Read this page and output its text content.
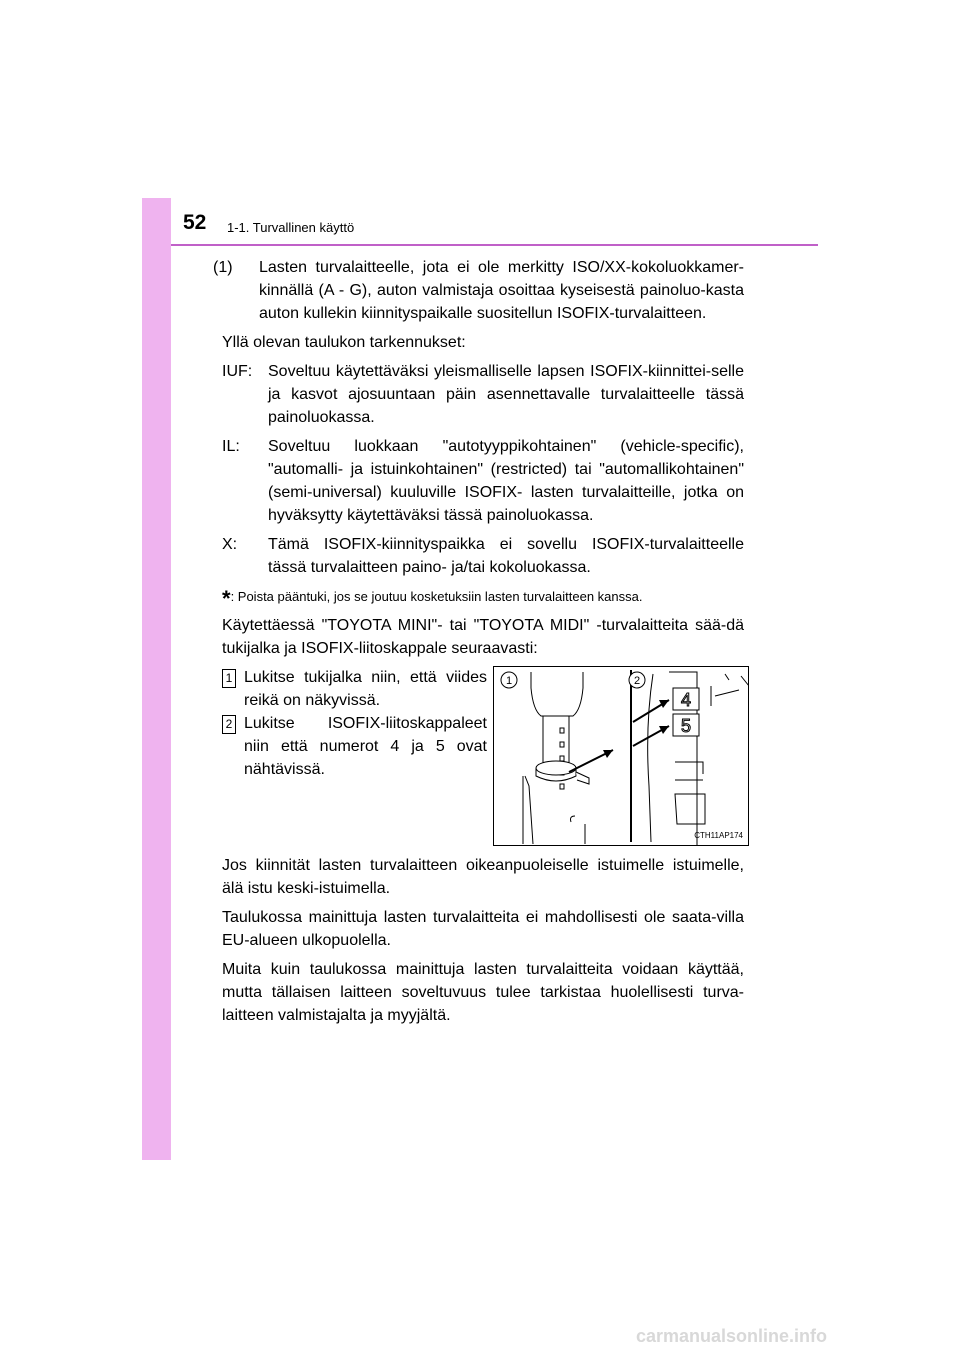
52 1-1. Turvallinen käyttö
(1)	Lasten turvalaitteelle, jota ei ole merkitty ISO/XX-kokoluokkamer-kinnällä (A - G), auton valmistaja osoittaa kyseisestä painoluo-kasta auton kullekin kiinnityspaikalle suositellun ISOFIX-turvalaitteen.

Yllä olevan taulukon tarkennukset:

IUF: Soveltuu käytettäväksi yleismalliselle lapsen ISOFIX-kiinnittei-selle ja kasvot ajosuuntaan päin asennettavalle turvalaitteelle tässä painoluokassa.
IL:	Soveltuu luokkaan "autotyyppikohtainen" (vehicle-specific), "automalli- ja istuinkohtainen" (restricted) tai "automallikohtainen" (semi-universal) kuuluville ISOFIX- lasten turvalaitteille, jotka on hyväksytty käytettäväksi tässä painoluokassa.
X:	Tämä ISOFIX-kiinnityspaikka ei sovellu ISOFIX-turvalaitteelle tässä turvalaitteen paino- ja/tai kokoluokassa.

*: Poista pääntuki, jos se joutuu kosketuksiin lasten turvalaitteen kanssa.

Käytettäessä "TOYOTA MINI"- tai "TOYOTA MIDI" -turvalaitteita sää-dä tukijalka ja ISOFIX-liitoskappale seuraavasti:

1 Lukitse tukijalka niin, että viides reikä on näkyvissä.
2 Lukitse ISOFIX-liitoskappaleet niin että numerot 4 ja 5 ovat nähtävissä.
4
5
1	2
CTH11AP174

Jos kiinnität lasten turvalaitteen oikeanpuoleiselle istuimelle istuimelle, älä istu keski-istuimella.

Taulukossa mainittuja lasten turvalaitteita ei mahdollisesti ole saata-villa EU-alueen ulkopuolella.

Muita kuin taulukossa mainittuja lasten turvalaitteita voidaan käyttää, mutta tällaisen laitteen soveltuvuus tulee tarkistaa huolellisesti turva-laitteen valmistajalta ja myyjältä.

carmanualsonline.info
